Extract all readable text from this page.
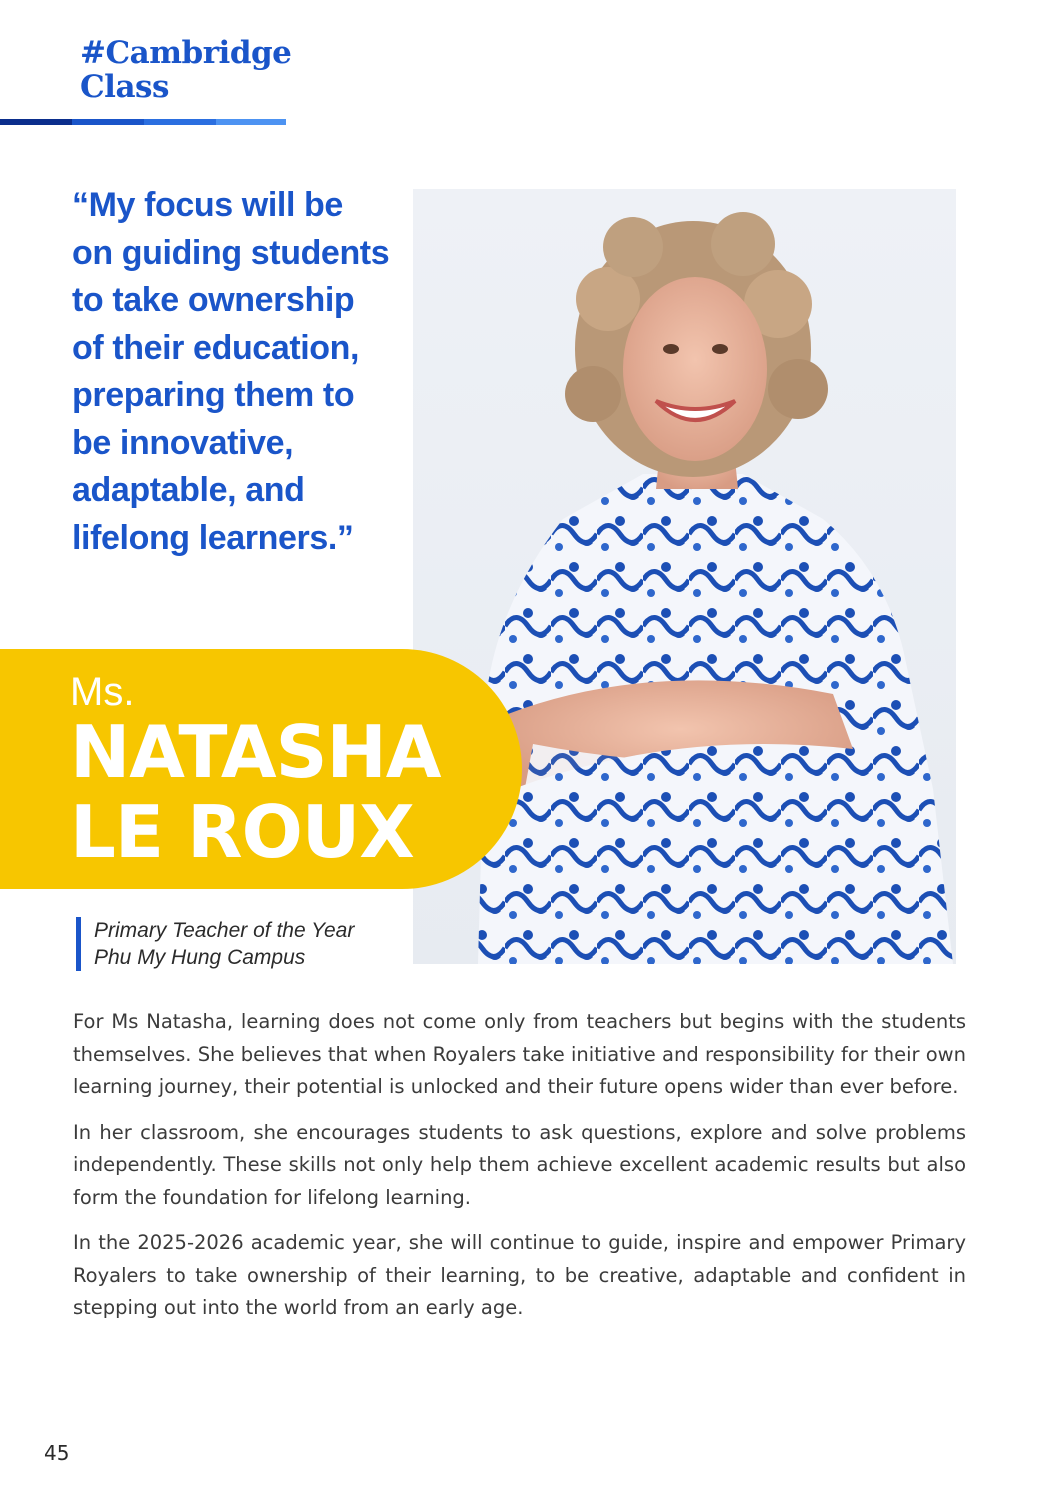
#Cambridge
Class
“My focus will be
on guiding students
to take ownership
of their education,
preparing them to
be innovative,
adaptable, and
lifelong learners.”
Ms.
NATASHA
LE ROUX
Primary Teacher of the Year
Phu My Hung Campus

For Ms Natasha, learning does not come only from teachers but begins with the students themselves. She believes that when Royalers take initiative and responsibility for their own learning journey, their potential is unlocked and their future opens wider than ever before.

In her classroom, she encourages students to ask questions, explore and solve problems independently. These skills not only help them achieve excellent academic results but also form the foundation for lifelong learning.

In the 2025-2026 academic year, she will continue to guide, inspire and empower Primary Royalers to take ownership of their learning, to be creative, adaptable and confident in stepping out into the world from an early age.

45
